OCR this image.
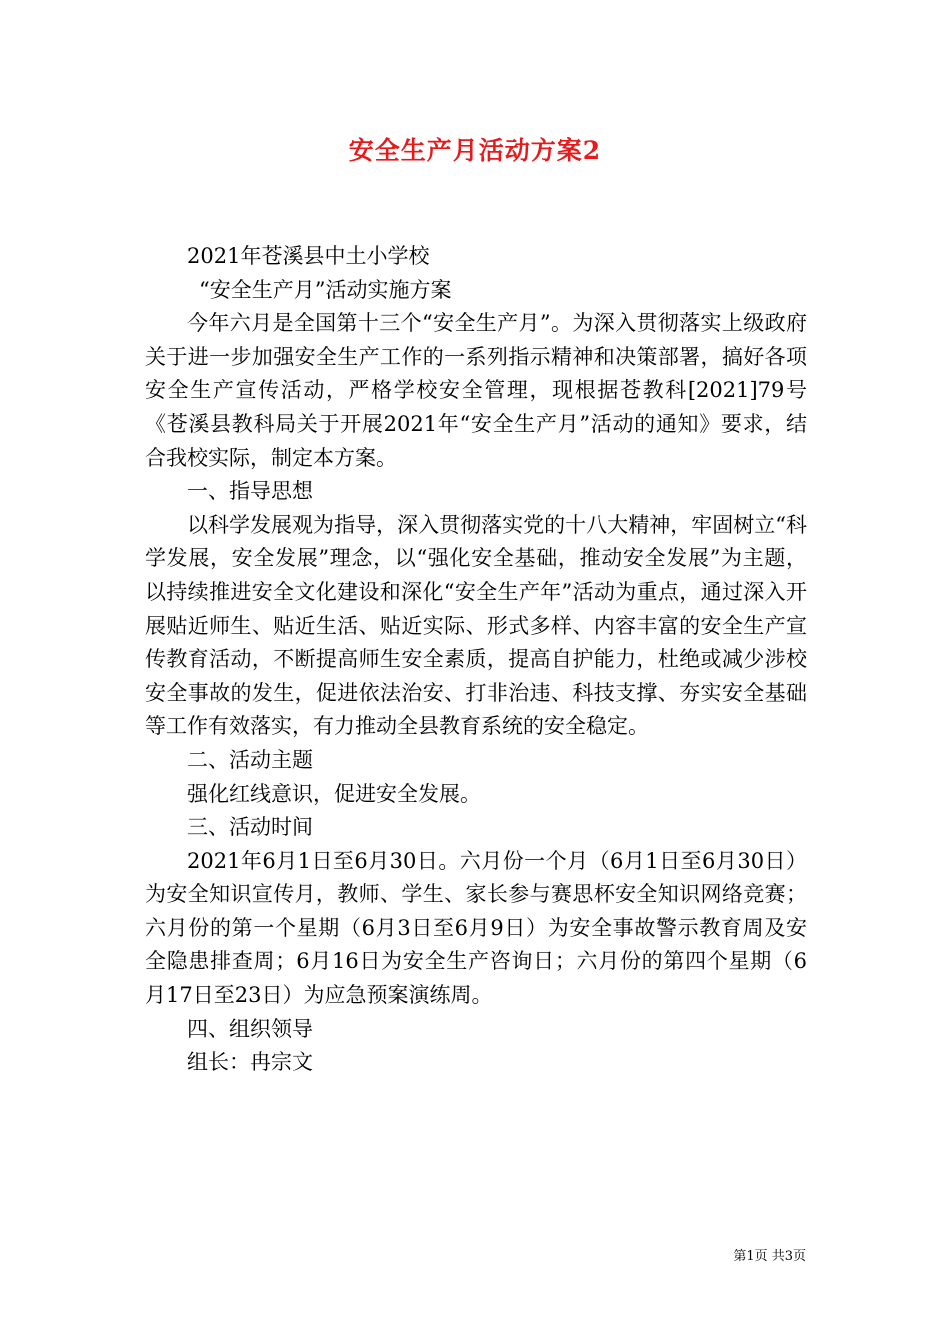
安全生产月活动方案2

2021年苍溪县中土小学校

“安全生产月”活动实施方案

今年六月是全国第十三个“安全生产月”。为深入贯彻落实上级政府关于进一步加强安全生产工作的一系列指示精神和决策部署，搞好各项安全生产宣传活动，严格学校安全管理，现根据苍教科[2021]79号《苍溪县教科局关于开展2021年“安全生产月”活动的通知》要求，结合我校实际，制定本方案。

一、指导思想

以科学发展观为指导，深入贯彻落实党的十八大精神，牢固树立“科学发展，安全发展”理念，以“强化安全基础，推动安全发展”为主题，以持续推进安全文化建设和深化“安全生产年”活动为重点，通过深入开展贴近师生、贴近生活、贴近实际、形式多样、内容丰富的安全生产宣传教育活动，不断提高师生安全素质，提高自护能力，杜绝或减少涉校安全事故的发生，促进依法治安、打非治违、科技支撑、夯实安全基础等工作有效落实，有力推动全县教育系统的安全稳定。

二、活动主题

强化红线意识，促进安全发展。

三、活动时间

2021年6月1日至6月30日。六月份一个月（6月1日至6月30日）为安全知识宣传月，教师、学生、家长参与赛思杯安全知识网络竞赛；六月份的第一个星期（6月3日至6月9日）为安全事故警示教育周及安全隐患排查周；6月16日为安全生产咨询日；六月份的第四个星期（6月17日至23日）为应急预案演练周。

四、组织领导

组长：冉宗文

第1页 共3页
